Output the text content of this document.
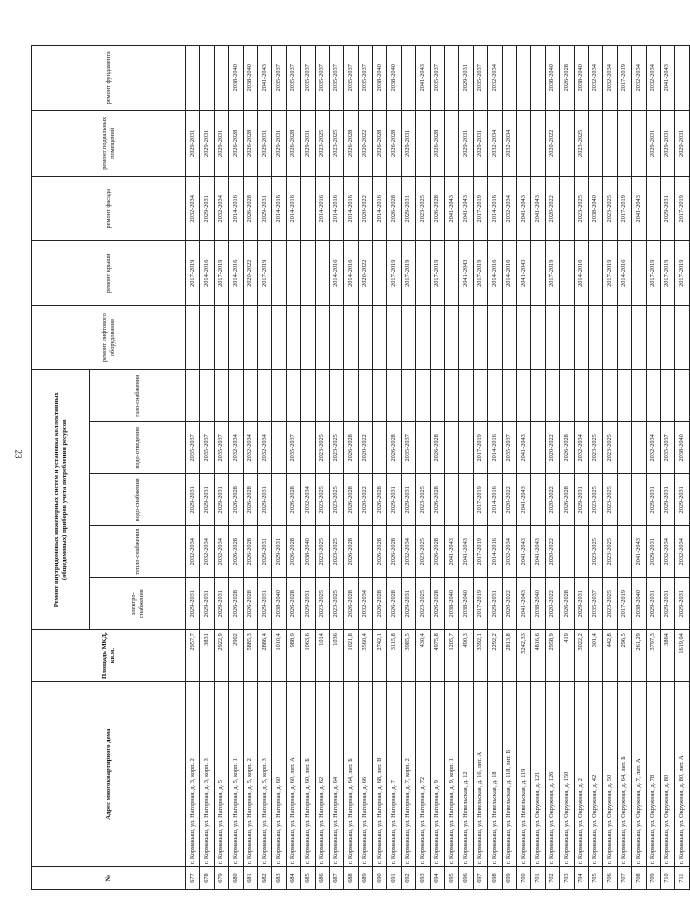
23
№	Адрес многоквартирного дома	Площадь МКД, кв.м.	Ремонт внутридомовых инженерных систем и установка коллективных (общедомовых) приборов учета потребления ресурсов					ремонт лифтового оборудования	ремонт крыши	ремонт фасада	ремонт подвальных помещений	ремонт фундамента
			электро-снабжения	тепло-снабжения	водо-снабжения	водо-отведения	газо-снабжения					
677	г. Кормакыш, ул. Нагорная, д. 3, корп. 2	2957,7	2029-2031	2032-2034	2029-2031	2035-2037			2017-2019	2032-2034	2029-2031	
678	г. Кормакыш, ул. Нагорная, д. 3, корп. 3	3831	2029-2031	2032-2034	2029-2031	2035-2037			2014-2016	2029-2031	2029-2031	
679	г. Кормакыш, ул. Нагорная, д. 5	2922,9	2029-2031	2032-2034	2029-2031	2035-2037			2017-2019	2032-2034	2029-2031	
680	г. Кормакыш, ул. Нагорная, д. 5, корп. 1	2902	2026-2028	2026-2028	2026-2028	2032-2034			2014-2016	2014-2016	2026-2028	2038-2040
681	г. Кормакыш, ул. Нагорная, д. 5, корп. 2	5885,3	2026-2028	2026-2028	2026-2028	2032-2034			2020-2022	2026-2028	2026-2028	2038-2040
682	г. Кормакыш, ул. Нагорная, д. 5, корп. 3	2886,4	2029-2031	2029-2031	2029-2031	2032-2034			2017-2019	2029-2031	2029-2031	2041-2043
683	г. Кормакыш, ул. Нагорная, д. 60	1010,4	2038-2040	2029-2031						2014-2016	2029-2031	2035-2037
684	г. Кормакыш, ул. Нагорная, д. 60, лит. А	988,9	2026-2028	2026-2028	2026-2028	2035-2037				2014-2016	2026-2028	2035-2037
685	г. Кормакыш, ул. Нагорная, д. 60, лит. Б	1063,6	2029-2031	2038-2040	2032-2034						2029-2031	2035-2037
686	г. Кормакыш, ул. Нагорная, д. 62	1014	2023-2025	2023-2025	2023-2025	2023-2025				2014-2016	2023-2025	2035-2037
687	г. Кормакыш, ул. Нагорная, д. 64	1036	2023-2025	2023-2025	2023-2025	2023-2025			2014-2016	2014-2016	2023-2025	2035-2037
688	г. Кормакыш, ул. Нагорная, д. 64, лит. Б	1021,8	2026-2028	2026-2028	2026-2028	2026-2028			2014-2016	2014-2016	2026-2028	2035-2037
689	г. Кормакыш, ул. Нагорная, д. 66	3560,4	2032-2034		2020-2022	2020-2022			2020-2022	2020-2022	2020-2022	2035-2037
690	г. Кормакыш, ул. Нагорная, д. 68, лит. В	2742,1	2026-2028	2026-2028	2026-2028					2014-2016	2026-2028	2038-2040
691	г. Кормакыш, ул. Нагорная, д. 7	3115,8	2026-2028	2026-2028	2029-2031	2026-2028			2017-2019	2026-2028	2026-2028	2038-2040
692	г. Кормакыш, ул. Нагорная, д. 7, корп. 2	3985,5	2029-2031	2032-2034	2029-2031	2035-2037			2017-2019	2029-2031	2029-2031	
693	г. Кормакыш, ул. Нагорная, д. 72	430,4	2023-2025	2023-2025	2023-2025					2023-2025		2041-2043
694	г. Кормакыш, ул. Нагорная, д. 9	4975,8	2026-2028	2026-2028	2026-2028	2026-2028			2017-2019	2026-2028	2026-2028	2035-2037
695	г. Кормакыш, ул. Нагорная, д. 9, корп. 1	1205,7	2038-2040	2041-2043						2041-2043		
696	г. Кормакыш, ул. Невельская, д. 12	490,3	2038-2040	2041-2043					2041-2043	2041-2043	2029-2031	2029-2031
697	г. Кормакыш, ул. Невельская, д. 16, лит. А	3392,1	2017-2019	2017-2019	2017-2019	2017-2019			2017-2019	2017-2019	2029-2031	2035-2037
698	г. Кормакыш, ул. Невельская, д. 18	2292,2	2029-2031	2014-2016	2014-2016	2014-2016			2014-2016	2014-2016	2032-2034	2032-2034
699	г. Кормакыш, ул. Невельская, д. 118, лит. Б	2813,8	2020-2022	2032-2034	2020-2022	2035-2037			2014-2016	2032-2034	2032-2034	
700	г. Кормакыш, ул. Невельская, д. 119	5242,33	2041-2043	2041-2043	2041-2043	2041-2043			2041-2043	2041-2043		
701	г. Кормакыш, ул. Окружная, д. 121	4816,6	2038-2040	2041-2043						2041-2043		
702	г. Кормакыш, ул. Окружная, д. 126	2958,9	2020-2022	2020-2022	2020-2022	2020-2022			2017-2019	2020-2022	2020-2022	2038-2040
703	г. Кормакыш, ул. Окружная, д. 150	419	2026-2028		2026-2028	2026-2028						2026-2028
704	г. Кормакыш, ул. Окружная, д. 2	3022,2	2029-2031		2029-2031	2032-2034			2014-2016	2023-2025	2023-2025	2038-2040
705	г. Кормакыш, ул. Окружная, д. 42	301,4	2035-2037	2023-2025	2023-2025	2023-2025				2038-2040		2032-2034
706	г. Кормакыш, ул. Окружная, д. 50	442,8	2023-2025	2023-2025	2023-2025	2023-2025			2017-2019	2023-2025		2032-2034
707	г. Кормакыш, ул. Окружная, д. 64, лит. Б	296,5	2017-2019						2014-2016	2017-2019		2017-2019
708	г. Кормакыш, ул. Окружная, д. 7, лит. А	261,29	2038-2040	2041-2043						2041-2043		2032-2034
709	г. Кормакыш, ул. Окружная, д. 78	3797,3	2029-2031	2029-2031	2029-2031	2032-2034			2017-2019		2029-2031	2032-2034
710	г. Кормакыш, ул. Окружная, д. 80	3864	2029-2031	2032-2034	2029-2031	2035-2037			2017-2019	2029-2031	2029-2031	2041-2043
711	г. Кормакыш, ул. Окружная, д. 80, лит. А	1619,04	2029-2031	2032-2034	2029-2031	2038-2040			2017-2019	2017-2019	2029-2031	
